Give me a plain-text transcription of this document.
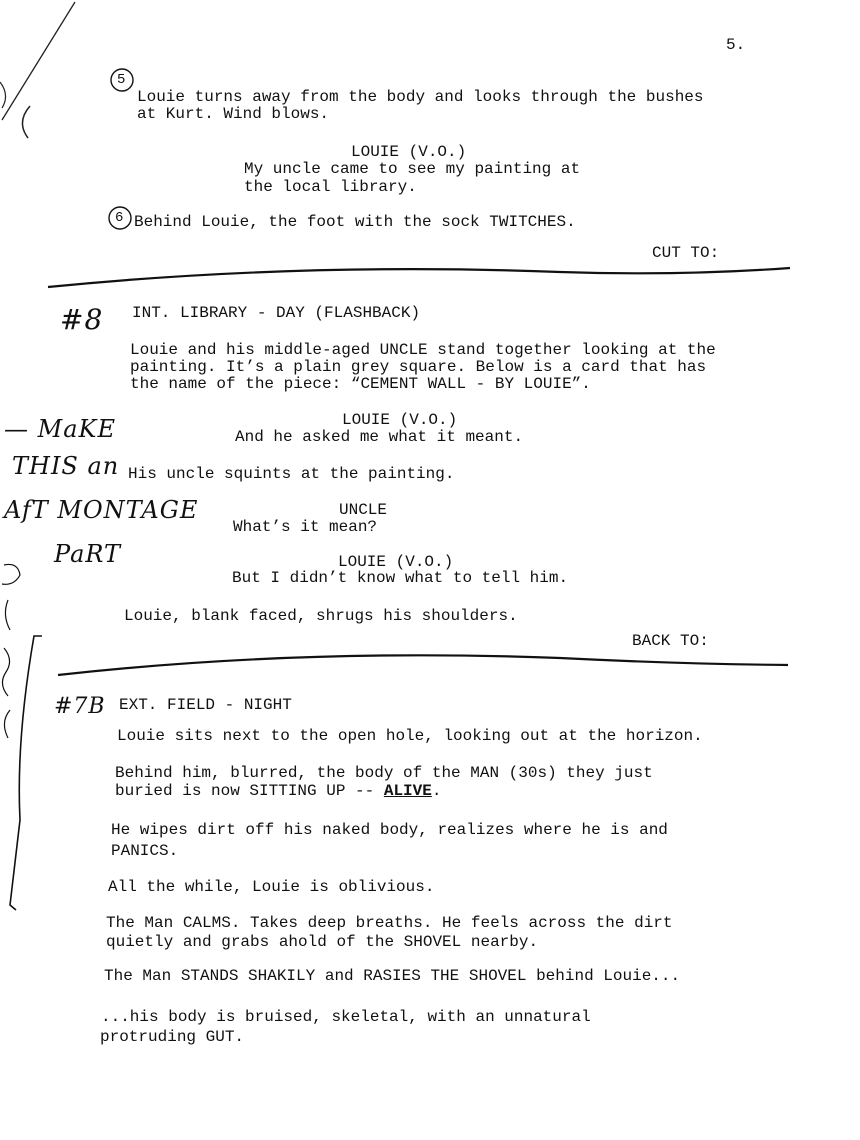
5.
5
Louie turns away from the body and looks through the bushes
at Kurt. Wind blows.
LOUIE (V.O.)
My uncle came to see my painting at
the local library.
6 Behind Louie, the foot with the sock TWITCHES.
CUT TO:
#8 INT. LIBRARY - DAY (FLASHBACK)
Louie and his middle-aged UNCLE stand together looking at the
painting. It’s a plain grey square. Below is a card that has
the name of the piece: “CEMENT WALL - BY LOUIE”.
LOUIE (V.O.)
And he asked me what it meant.
His uncle squints at the painting.
UNCLE
What’s it mean?
LOUIE (V.O.)
But I didn’t know what to tell him.
Louie, blank faced, shrugs his shoulders.
BACK TO:
— MaKE
THIS an
AfT MONTAGE
PaRT
#7B EXT. FIELD - NIGHT
Louie sits next to the open hole, looking out at the horizon.
Behind him, blurred, the body of the MAN (30s) they just
buried is now SITTING UP -- ALIVE.
He wipes dirt off his naked body, realizes where he is and
PANICS.
All the while, Louie is oblivious.
The Man CALMS. Takes deep breaths. He feels across the dirt
quietly and grabs ahold of the SHOVEL nearby.
The Man STANDS SHAKILY and RASIES THE SHOVEL behind Louie...
...his body is bruised, skeletal, with an unnatural
protruding GUT.
